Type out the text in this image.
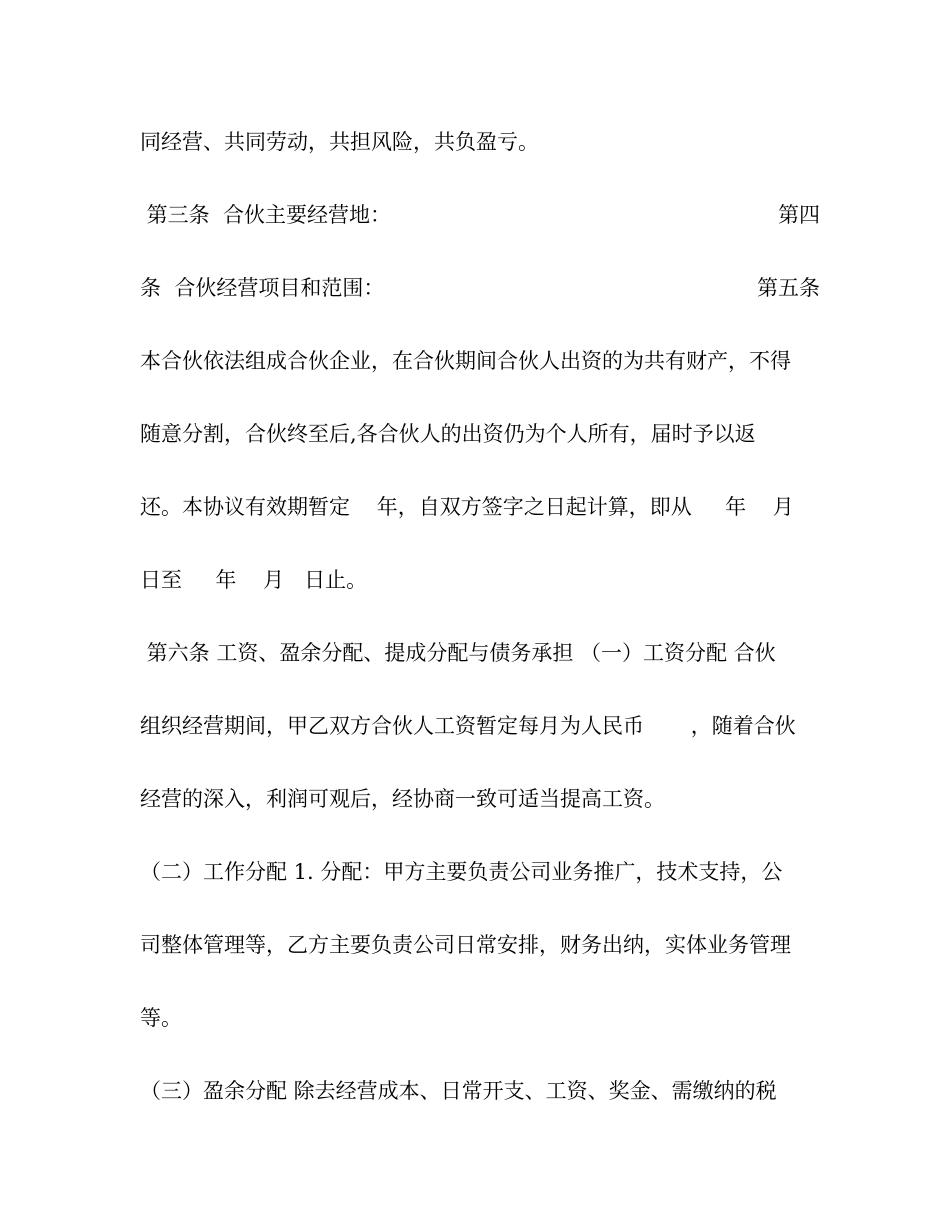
同经营、共同劳动，共担风险，共负盈亏。
第三条  合伙主要经营地：	第四
条  合伙经营项目和范围：	第五条
本合伙依法组成合伙企业，在合伙期间合伙人出资的为共有财产，不得
随意分割，合伙终至后,各合伙人的出资仍为个人所有，届时予以返
还。本协议有效期暂定    年，自双方签字之日起计算，即从     年    月
日至     年    月   日止。
第六条 工资、盈余分配、提成分配与债务承担 （一）工资分配 合伙
组织经营期间，甲乙双方合伙人工资暂定每月为人民币       ，随着合伙
经营的深入，利润可观后，经协商一致可适当提高工资。
（二）工作分配 1. 分配：甲方主要负责公司业务推广，技术支持，公
司整体管理等，乙方主要负责公司日常安排，财务出纳，实体业务管理
等。
（三）盈余分配 除去经营成本、日常开支、工资、奖金、需缴纳的税
